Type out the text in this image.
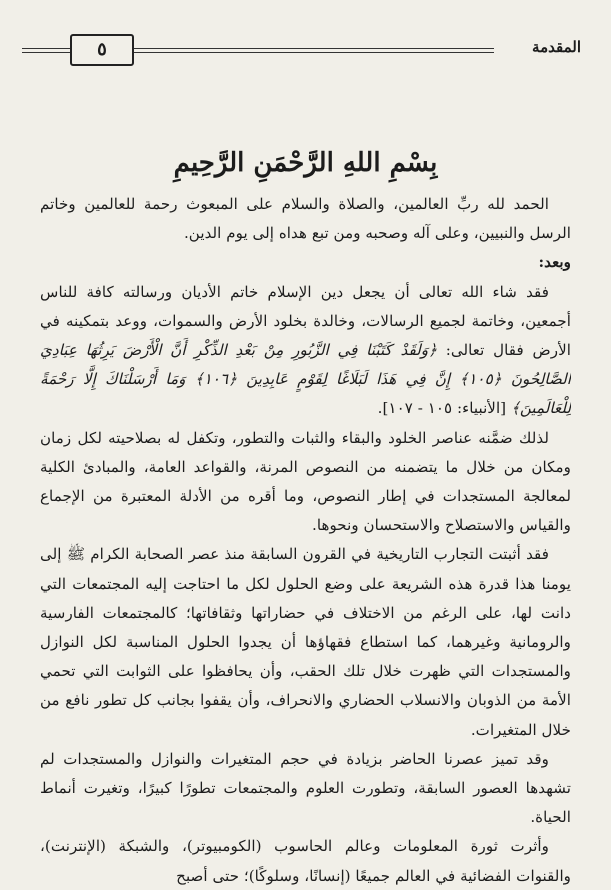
٥	المقدمة
بِسْمِ اللهِ الرَّحْمَنِ الرَّحِيمِ

الحمد لله ربِّ العالمين، والصلاة والسلام على المبعوث رحمة للعالمين وخاتم الرسل والنبيين، وعلى آله وصحبه ومن تبع هداه إلى يوم الدين.

وبعد:

فقد شاء الله تعالى أن يجعل دين الإسلام خاتم الأديان ورسالته كافة للناس أجمعين، وخاتمة لجميع الرسالات، وخالدة بخلود الأرض والسموات، ووعد بتمكينه في الأرض فقال تعالى: ﴿وَلَقَدْ كَتَبْنَا فِي الزَّبُورِ مِنْ بَعْدِ الذِّكْرِ أَنَّ الْأَرْضَ يَرِثُهَا عِبَادِيَ الصَّالِحُونَ ﴿١٠٥﴾ إِنَّ فِي هَذَا لَبَلَاغًا لِقَوْمٍ عَابِدِينَ ﴿١٠٦﴾ وَمَا أَرْسَلْنَاكَ إِلَّا رَحْمَةً لِلْعَالَمِينَ﴾ [الأنبياء: ١٠٥ - ١٠٧].

لذلك ضمَّنه عناصر الخلود والبقاء والثبات والتطور، وتكفل له بصلاحيته لكل زمان ومكان من خلال ما يتضمنه من النصوص المرنة، والقواعد العامة، والمبادئ الكلية لمعالجة المستجدات في إطار النصوص، وما أقره من الأدلة المعتبرة من الإجماع والقياس والاستصلاح والاستحسان ونحوها.

فقد أثبتت التجارب التاريخية في القرون السابقة منذ عصر الصحابة الكرام ﷺ إلى يومنا هذا قدرة هذه الشريعة على وضع الحلول لكل ما احتاجت إليه المجتمعات التي دانت لها، على الرغم من الاختلاف في حضاراتها وثقافاتها؛ كالمجتمعات الفارسية والرومانية وغيرهما، كما استطاع فقهاؤها أن يجدوا الحلول المناسبة لكل النوازل والمستجدات التي ظهرت خلال تلك الحقب، وأن يحافظوا على الثوابت التي تحمي الأمة من الذوبان والانسلاب الحضاري والانحراف، وأن يقفوا بجانب كل تطور نافع من خلال المتغيرات.

وقد تميز عصرنا الحاضر بزيادة في حجم المتغيرات والنوازل والمستجدات لم تشهدها العصور السابقة، وتطورت العلوم والمجتمعات تطورًا كبيرًا، وتغيرت أنماط الحياة.

وأثرت ثورة المعلومات وعالم الحاسوب (الكومبيوتر)، والشبكة (الإنترنت)، والقنوات الفضائية في العالم جميعًا (إنسانًا، وسلوكًا)؛ حتى أصبح
